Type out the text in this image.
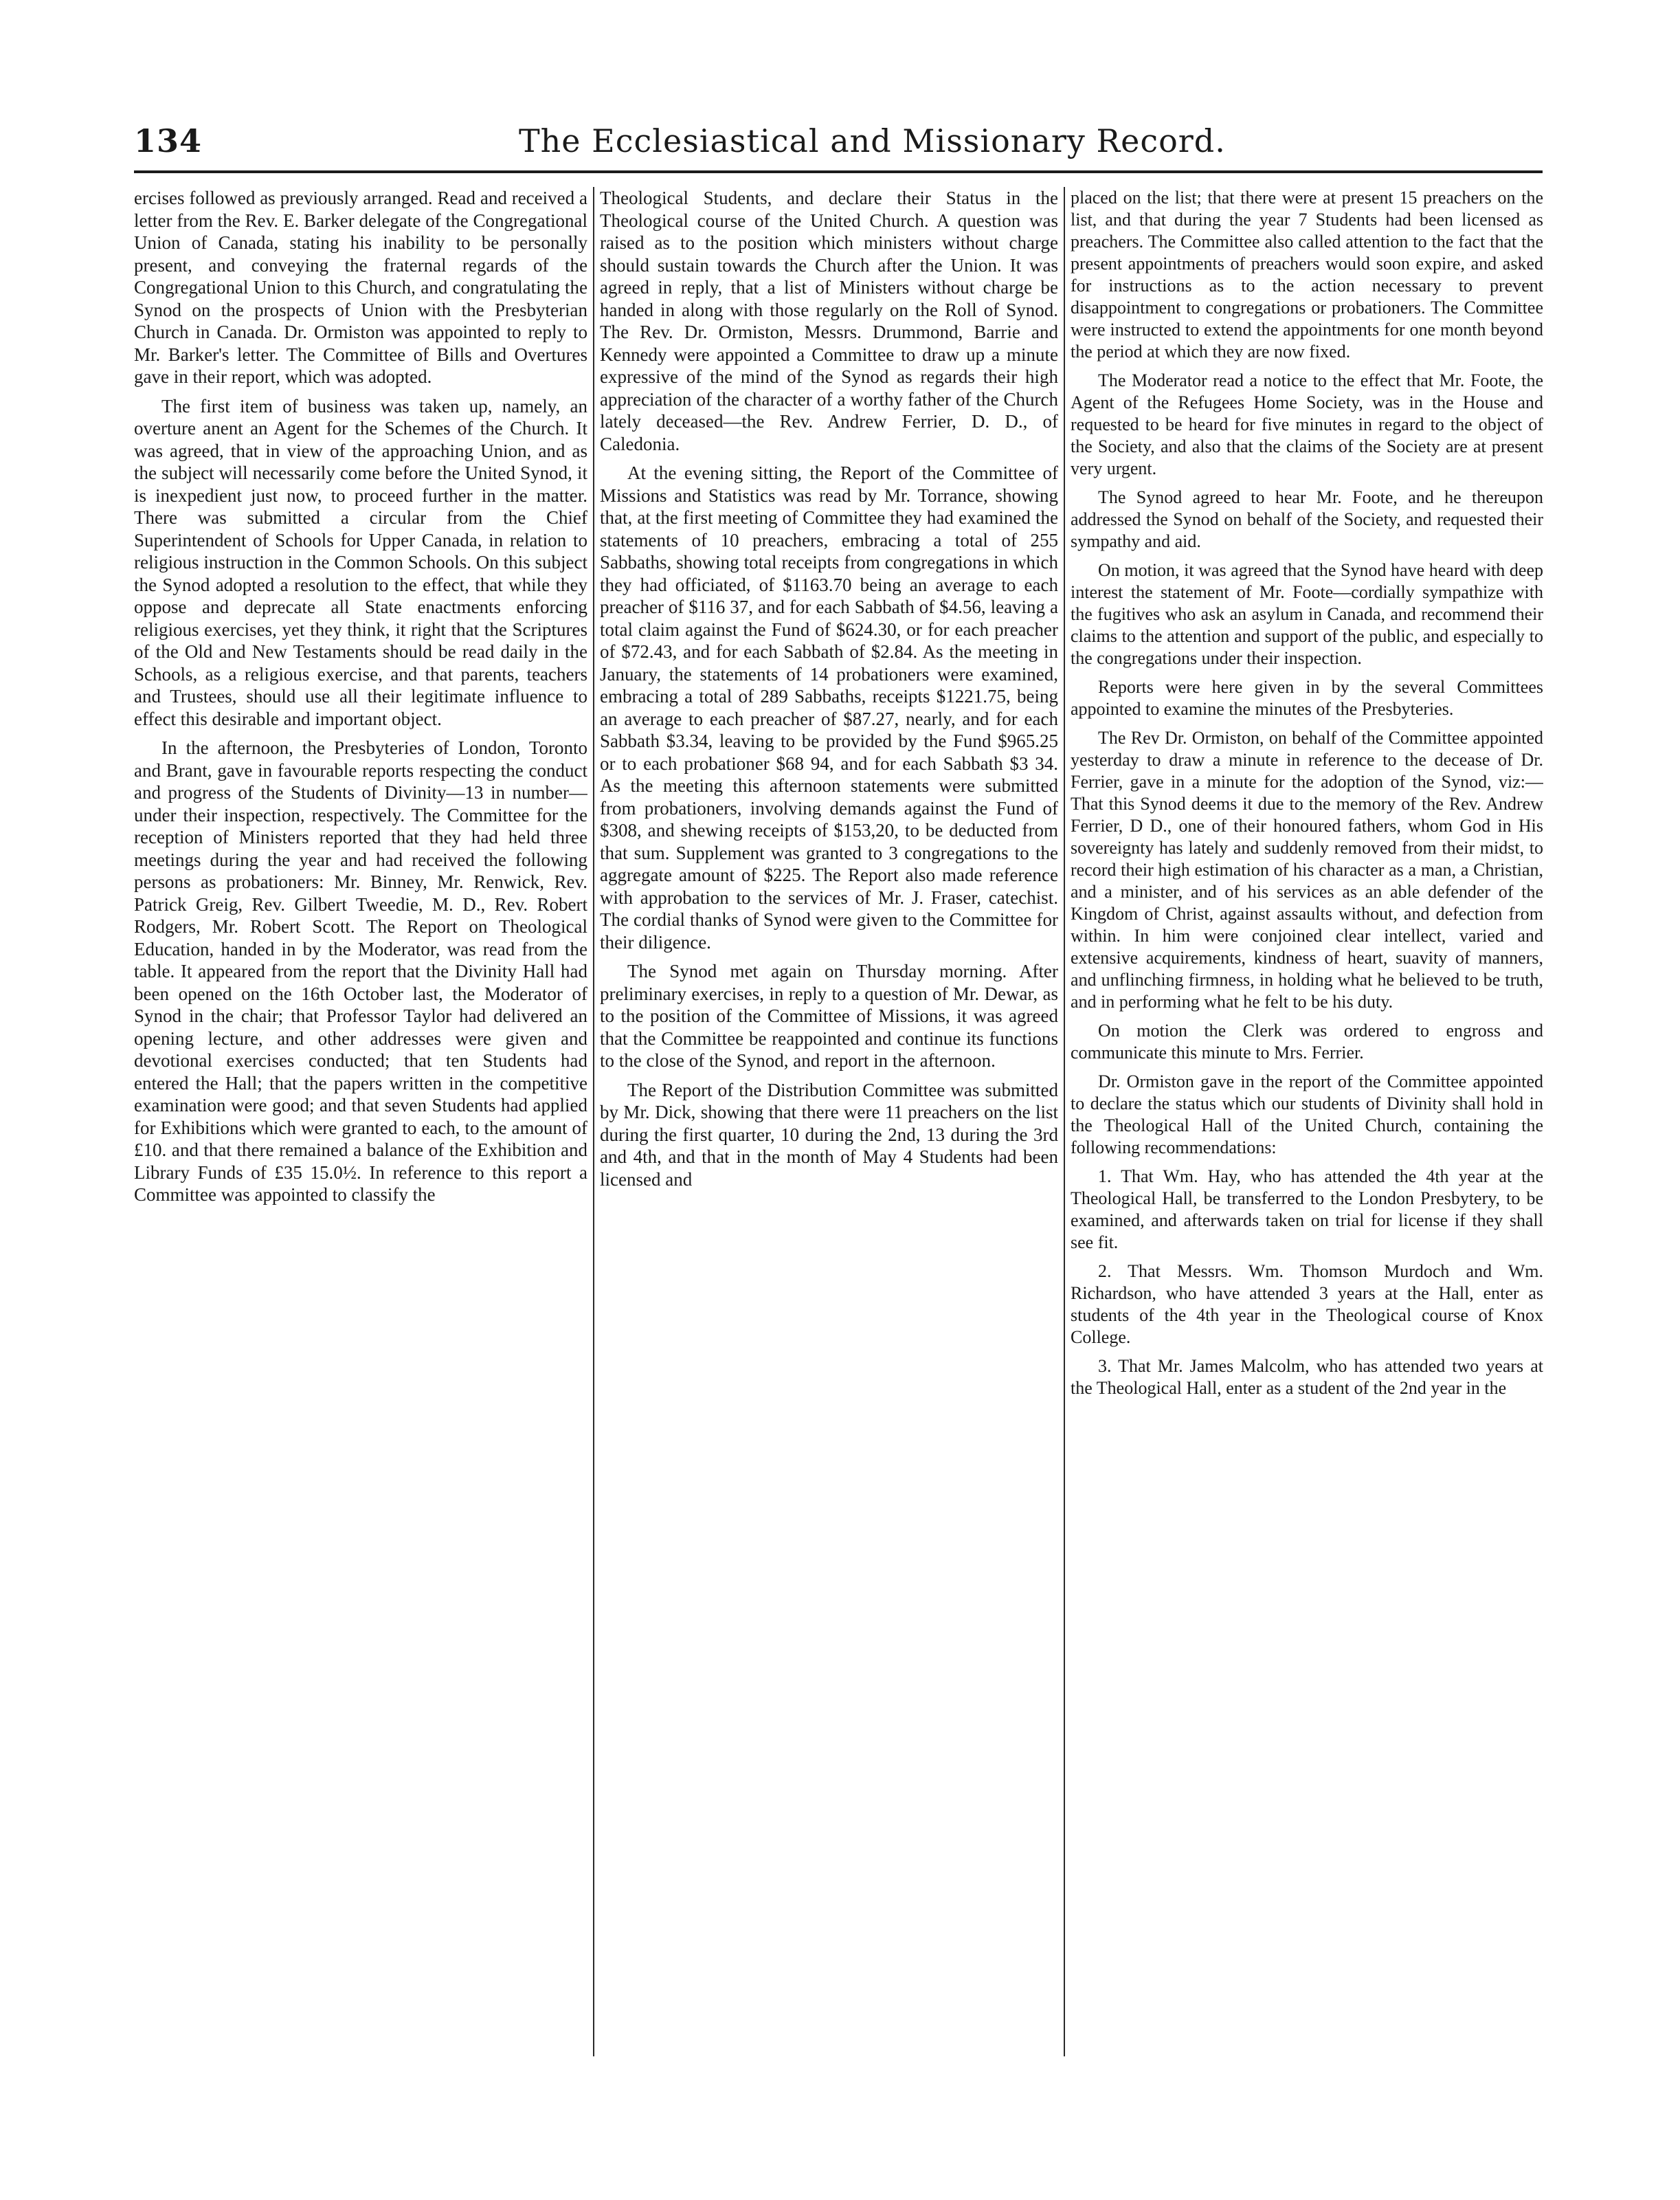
134	The Ecclesiastical and Missionary Record.

ercises followed as previously arranged. Read and received a letter from the Rev. E. Barker delegate of the Congregational Union of Canada, stating his inability to be personally present, and conveying the fraternal regards of the Congregational Union to this Church, and congratulating the Synod on the prospects of Union with the Presbyterian Church in Canada. Dr. Ormiston was appointed to reply to Mr. Barker's letter. The Committee of Bills and Overtures gave in their report, which was adopted.

The first item of business was taken up, namely, an overture anent an Agent for the Schemes of the Church. It was agreed, that in view of the approaching Union, and as the subject will necessarily come before the United Synod, it is inexpedient just now, to proceed further in the matter. There was submitted a circular from the Chief Superintendent of Schools for Upper Canada, in relation to religious instruction in the Common Schools. On this subject the Synod adopted a resolution to the effect, that while they oppose and deprecate all State enactments enforcing religious exercises, yet they think, it right that the Scriptures of the Old and New Testaments should be read daily in the Schools, as a religious exercise, and that parents, teachers and Trustees, should use all their legitimate influence to effect this desirable and important object.

In the afternoon, the Presbyteries of London, Toronto and Brant, gave in favourable reports respecting the conduct and progress of the Students of Divinity—13 in number—under their inspection, respectively. The Committee for the reception of Ministers reported that they had held three meetings during the year and had received the following persons as probationers: Mr. Binney, Mr. Renwick, Rev. Patrick Greig, Rev. Gilbert Tweedie, M. D., Rev. Robert Rodgers, Mr. Robert Scott. The Report on Theological Education, handed in by the Moderator, was read from the table. It appeared from the report that the Divinity Hall had been opened on the 16th October last, the Moderator of Synod in the chair; that Professor Taylor had delivered an opening lecture, and other addresses were given and devotional exercises conducted; that ten Students had entered the Hall; that the papers written in the competitive examination were good; and that seven Students had applied for Exhibitions which were granted to each, to the amount of £10. and that there remained a balance of the Exhibition and Library Funds of £35 15.0½. In reference to this report a Committee was appointed to classify the

Theological Students, and declare their Status in the Theological course of the United Church. A question was raised as to the position which ministers without charge should sustain towards the Church after the Union. It was agreed in reply, that a list of Ministers without charge be handed in along with those regularly on the Roll of Synod. The Rev. Dr. Ormiston, Messrs. Drummond, Barrie and Kennedy were appointed a Committee to draw up a minute expressive of the mind of the Synod as regards their high appreciation of the character of a worthy father of the Church lately deceased—the Rev. Andrew Ferrier, D. D., of Caledonia.

At the evening sitting, the Report of the Committee of Missions and Statistics was read by Mr. Torrance, showing that, at the first meeting of Committee they had examined the statements of 10 preachers, embracing a total of 255 Sabbaths, showing total receipts from congregations in which they had officiated, of $1163.70 being an average to each preacher of $116 37, and for each Sabbath of $4.56, leaving a total claim against the Fund of $624.30, or for each preacher of $72.43, and for each Sabbath of $2.84. As the meeting in January, the statements of 14 probationers were examined, embracing a total of 289 Sabbaths, receipts $1221.75, being an average to each preacher of $87.27, nearly, and for each Sabbath $3.34, leaving to be provided by the Fund $965.25 or to each probationer $68 94, and for each Sabbath $3 34. As the meeting this afternoon statements were submitted from probationers, involving demands against the Fund of $308, and shewing receipts of $153,20, to be deducted from that sum. Supplement was granted to 3 congregations to the aggregate amount of $225. The Report also made reference with approbation to the services of Mr. J. Fraser, catechist. The cordial thanks of Synod were given to the Committee for their diligence.

The Synod met again on Thursday morning. After preliminary exercises, in reply to a question of Mr. Dewar, as to the position of the Committee of Missions, it was agreed that the Committee be reappointed and continue its functions to the close of the Synod, and report in the afternoon.

The Report of the Distribution Committee was submitted by Mr. Dick, showing that there were 11 preachers on the list during the first quarter, 10 during the 2nd, 13 during the 3rd and 4th, and that in the month of May 4 Students had been licensed and

placed on the list; that there were at present 15 preachers on the list, and that during the year 7 Students had been licensed as preachers. The Committee also called attention to the fact that the present appointments of preachers would soon expire, and asked for instructions as to the action necessary to prevent disappointment to congregations or probationers. The Committee were instructed to extend the appointments for one month beyond the period at which they are now fixed.

The Moderator read a notice to the effect that Mr. Foote, the Agent of the Refugees Home Society, was in the House and requested to be heard for five minutes in regard to the object of the Society, and also that the claims of the Society are at present very urgent.

The Synod agreed to hear Mr. Foote, and he thereupon addressed the Synod on behalf of the Society, and requested their sympathy and aid.

On motion, it was agreed that the Synod have heard with deep interest the statement of Mr. Foote—cordially sympathize with the fugitives who ask an asylum in Canada, and recommend their claims to the attention and support of the public, and especially to the congregations under their inspection.

Reports were here given in by the several Committees appointed to examine the minutes of the Presbyteries.

The Rev Dr. Ormiston, on behalf of the Committee appointed yesterday to draw a minute in reference to the decease of Dr. Ferrier, gave in a minute for the adoption of the Synod, viz:—That this Synod deems it due to the memory of the Rev. Andrew Ferrier, D D., one of their honoured fathers, whom God in His sovereignty has lately and suddenly removed from their midst, to record their high estimation of his character as a man, a Christian, and a minister, and of his services as an able defender of the Kingdom of Christ, against assaults without, and defection from within. In him were conjoined clear intellect, varied and extensive acquirements, kindness of heart, suavity of manners, and unflinching firmness, in holding what he believed to be truth, and in performing what he felt to be his duty.

On motion the Clerk was ordered to engross and communicate this minute to Mrs. Ferrier.

Dr. Ormiston gave in the report of the Committee appointed to declare the status which our students of Divinity shall hold in the Theological Hall of the United Church, containing the following recommendations:

1. That Wm. Hay, who has attended the 4th year at the Theological Hall, be transferred to the London Presbytery, to be examined, and afterwards taken on trial for license if they shall see fit.

2. That Messrs. Wm. Thomson Murdoch and Wm. Richardson, who have attended 3 years at the Hall, enter as students of the 4th year in the Theological course of Knox College.

3. That Mr. James Malcolm, who has attended two years at the Theological Hall, enter as a student of the 2nd year in the
